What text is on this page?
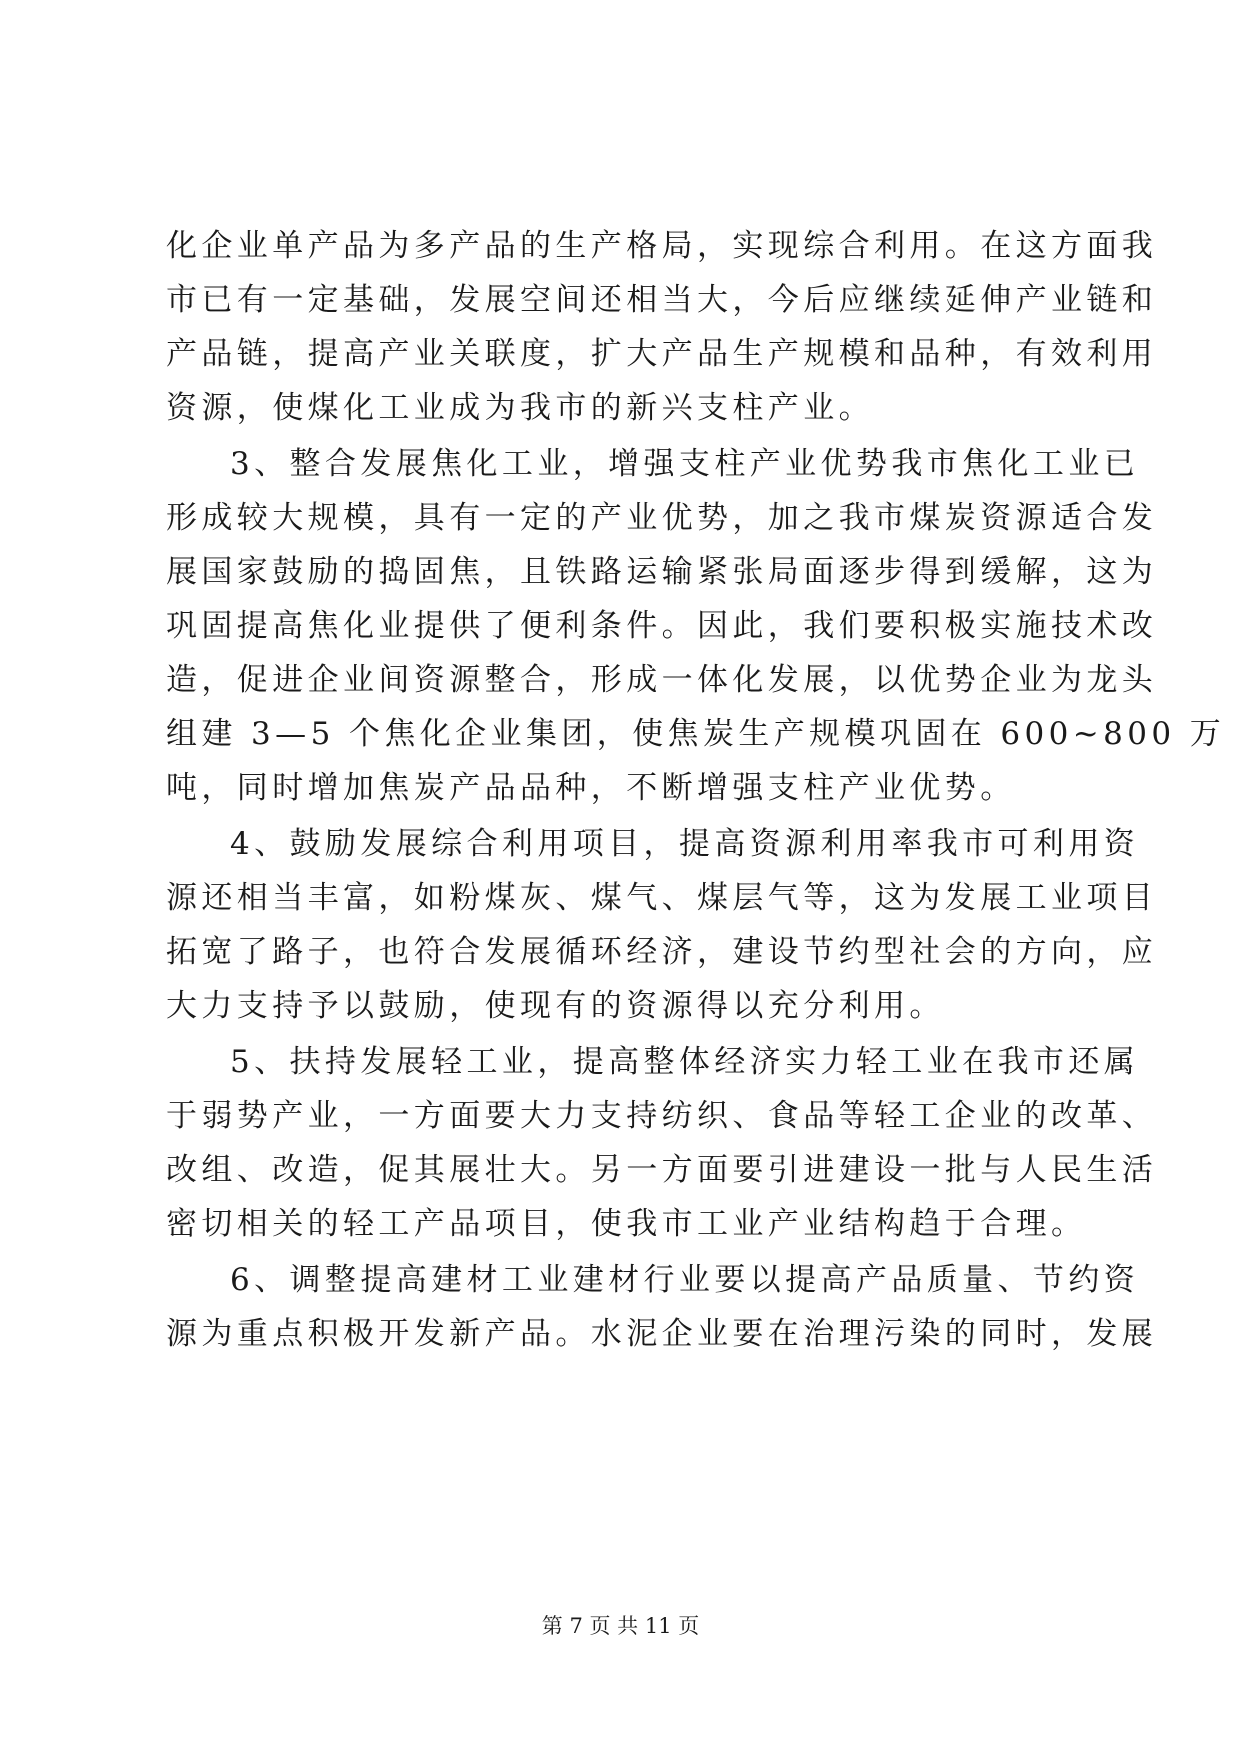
化企业单产品为多产品的生产格局，实现综合利用。在这方面我

市已有一定基础，发展空间还相当大，今后应继续延伸产业链和

产品链，提高产业关联度，扩大产品生产规模和品种，有效利用

资源，使煤化工业成为我市的新兴支柱产业。

3、整合发展焦化工业，增强支柱产业优势我市焦化工业已

形成较大规模，具有一定的产业优势，加之我市煤炭资源适合发

展国家鼓励的捣固焦，且铁路运输紧张局面逐步得到缓解，这为

巩固提高焦化业提供了便利条件。因此，我们要积极实施技术改

造，促进企业间资源整合，形成一体化发展，以优势企业为龙头

组建 3—5 个焦化企业集团，使焦炭生产规模巩固在 600~800 万

吨，同时增加焦炭产品品种，不断增强支柱产业优势。

4、鼓励发展综合利用项目，提高资源利用率我市可利用资

源还相当丰富，如粉煤灰、煤气、煤层气等，这为发展工业项目

拓宽了路子，也符合发展循环经济，建设节约型社会的方向，应

大力支持予以鼓励，使现有的资源得以充分利用。

5、扶持发展轻工业，提高整体经济实力轻工业在我市还属

于弱势产业，一方面要大力支持纺织、食品等轻工企业的改革、

改组、改造，促其展壮大。另一方面要引进建设一批与人民生活

密切相关的轻工产品项目，使我市工业产业结构趋于合理。

6、调整提高建材工业建材行业要以提高产品质量、节约资

源为重点积极开发新产品。水泥企业要在治理污染的同时，发展

第 7 页 共 11 页
